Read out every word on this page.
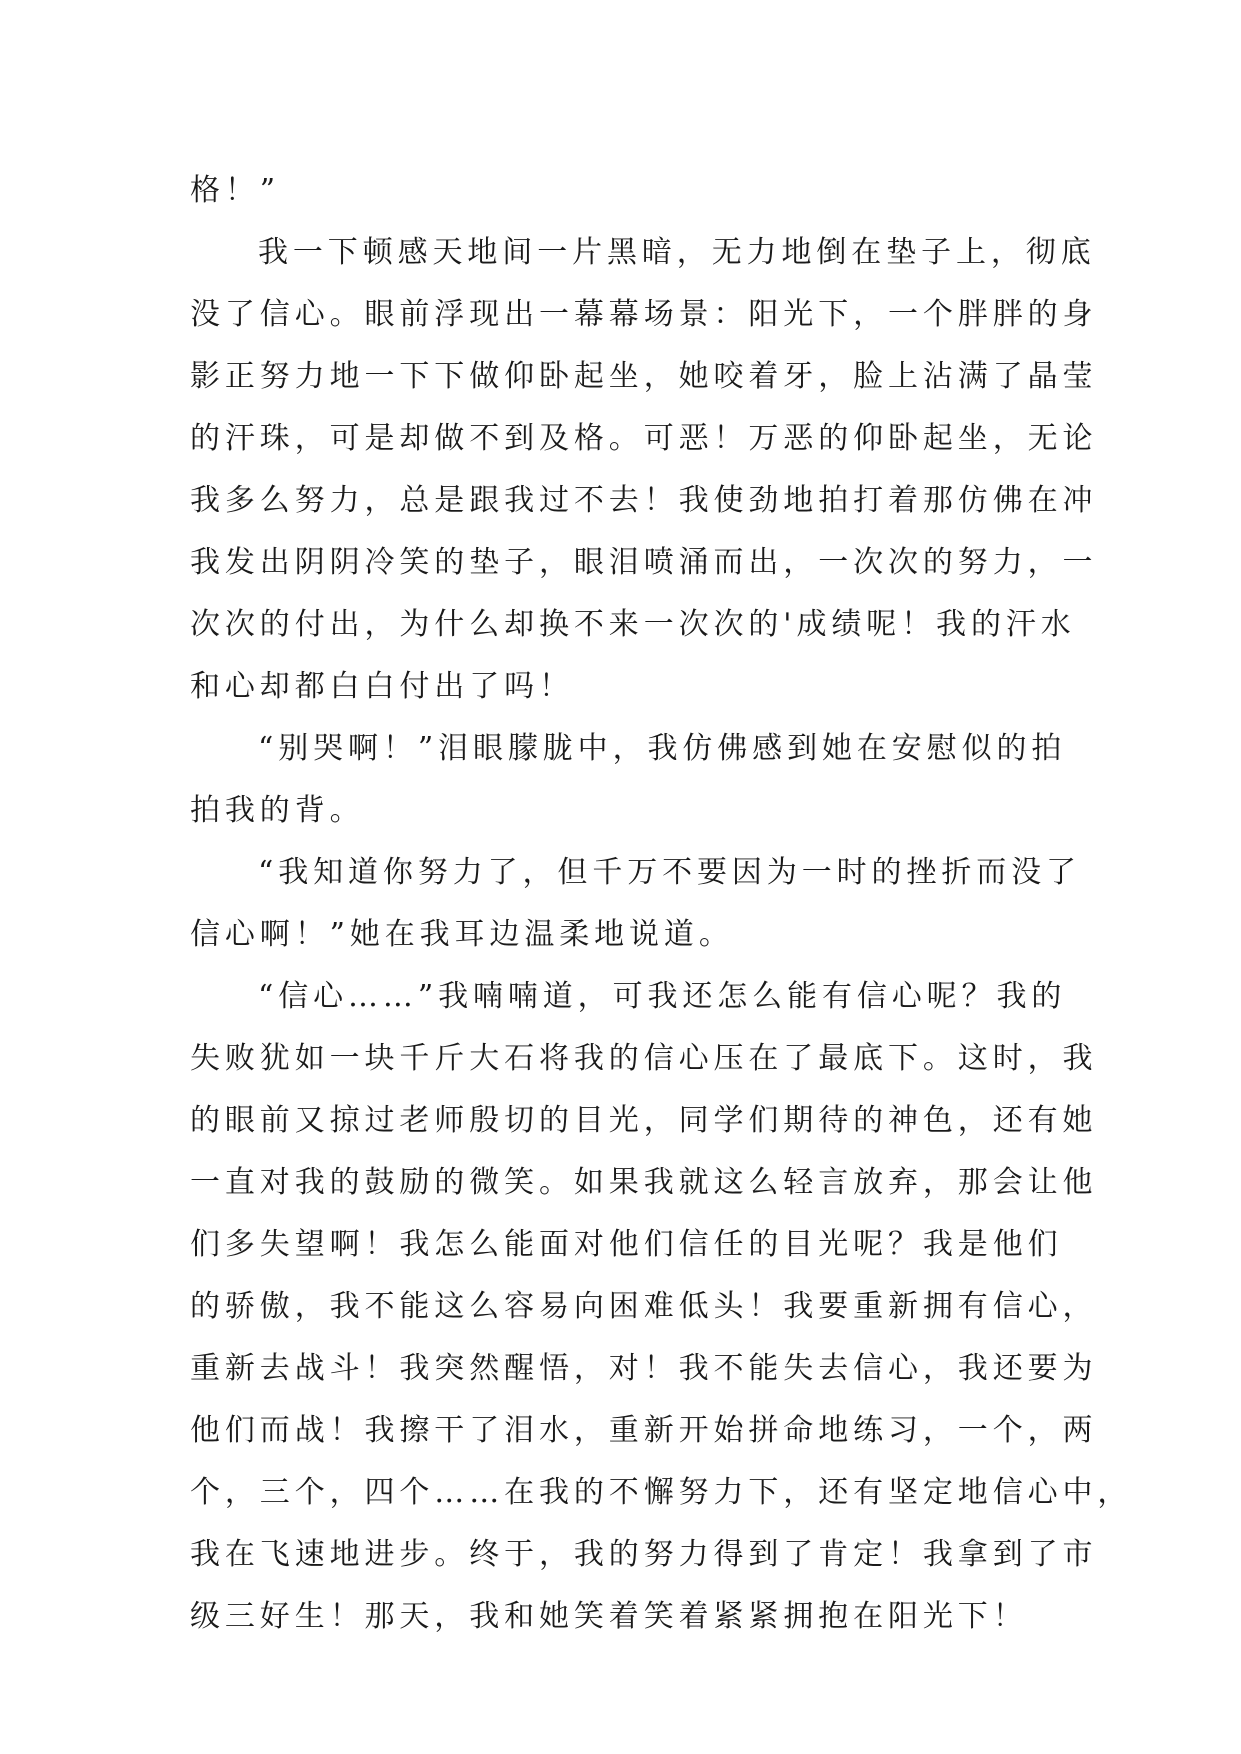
格！”
我一下顿感天地间一片黑暗，无力地倒在垫子上，彻底
没了信心。眼前浮现出一幕幕场景：阳光下，一个胖胖的身
影正努力地一下下做仰卧起坐，她咬着牙，脸上沾满了晶莹
的汗珠，可是却做不到及格。可恶！万恶的仰卧起坐，无论
我多么努力，总是跟我过不去！我使劲地拍打着那仿佛在冲
我发出阴阴冷笑的垫子，眼泪喷涌而出，一次次的努力，一
次次的付出，为什么却换不来一次次的'成绩呢！我的汗水
和心却都白白付出了吗！
“别哭啊！”泪眼朦胧中，我仿佛感到她在安慰似的拍
拍我的背。
“我知道你努力了，但千万不要因为一时的挫折而没了
信心啊！”她在我耳边温柔地说道。
“信心……”我喃喃道，可我还怎么能有信心呢？我的
失败犹如一块千斤大石将我的信心压在了最底下。这时，我
的眼前又掠过老师殷切的目光，同学们期待的神色，还有她
一直对我的鼓励的微笑。如果我就这么轻言放弃，那会让他
们多失望啊！我怎么能面对他们信任的目光呢？我是他们
的骄傲，我不能这么容易向困难低头！我要重新拥有信心，
重新去战斗！我突然醒悟，对！我不能失去信心，我还要为
他们而战！我擦干了泪水，重新开始拼命地练习，一个，两
个，三个，四个……在我的不懈努力下，还有坚定地信心中，
我在飞速地进步。终于，我的努力得到了肯定！我拿到了市
级三好生！那天，我和她笑着笑着紧紧拥抱在阳光下！
